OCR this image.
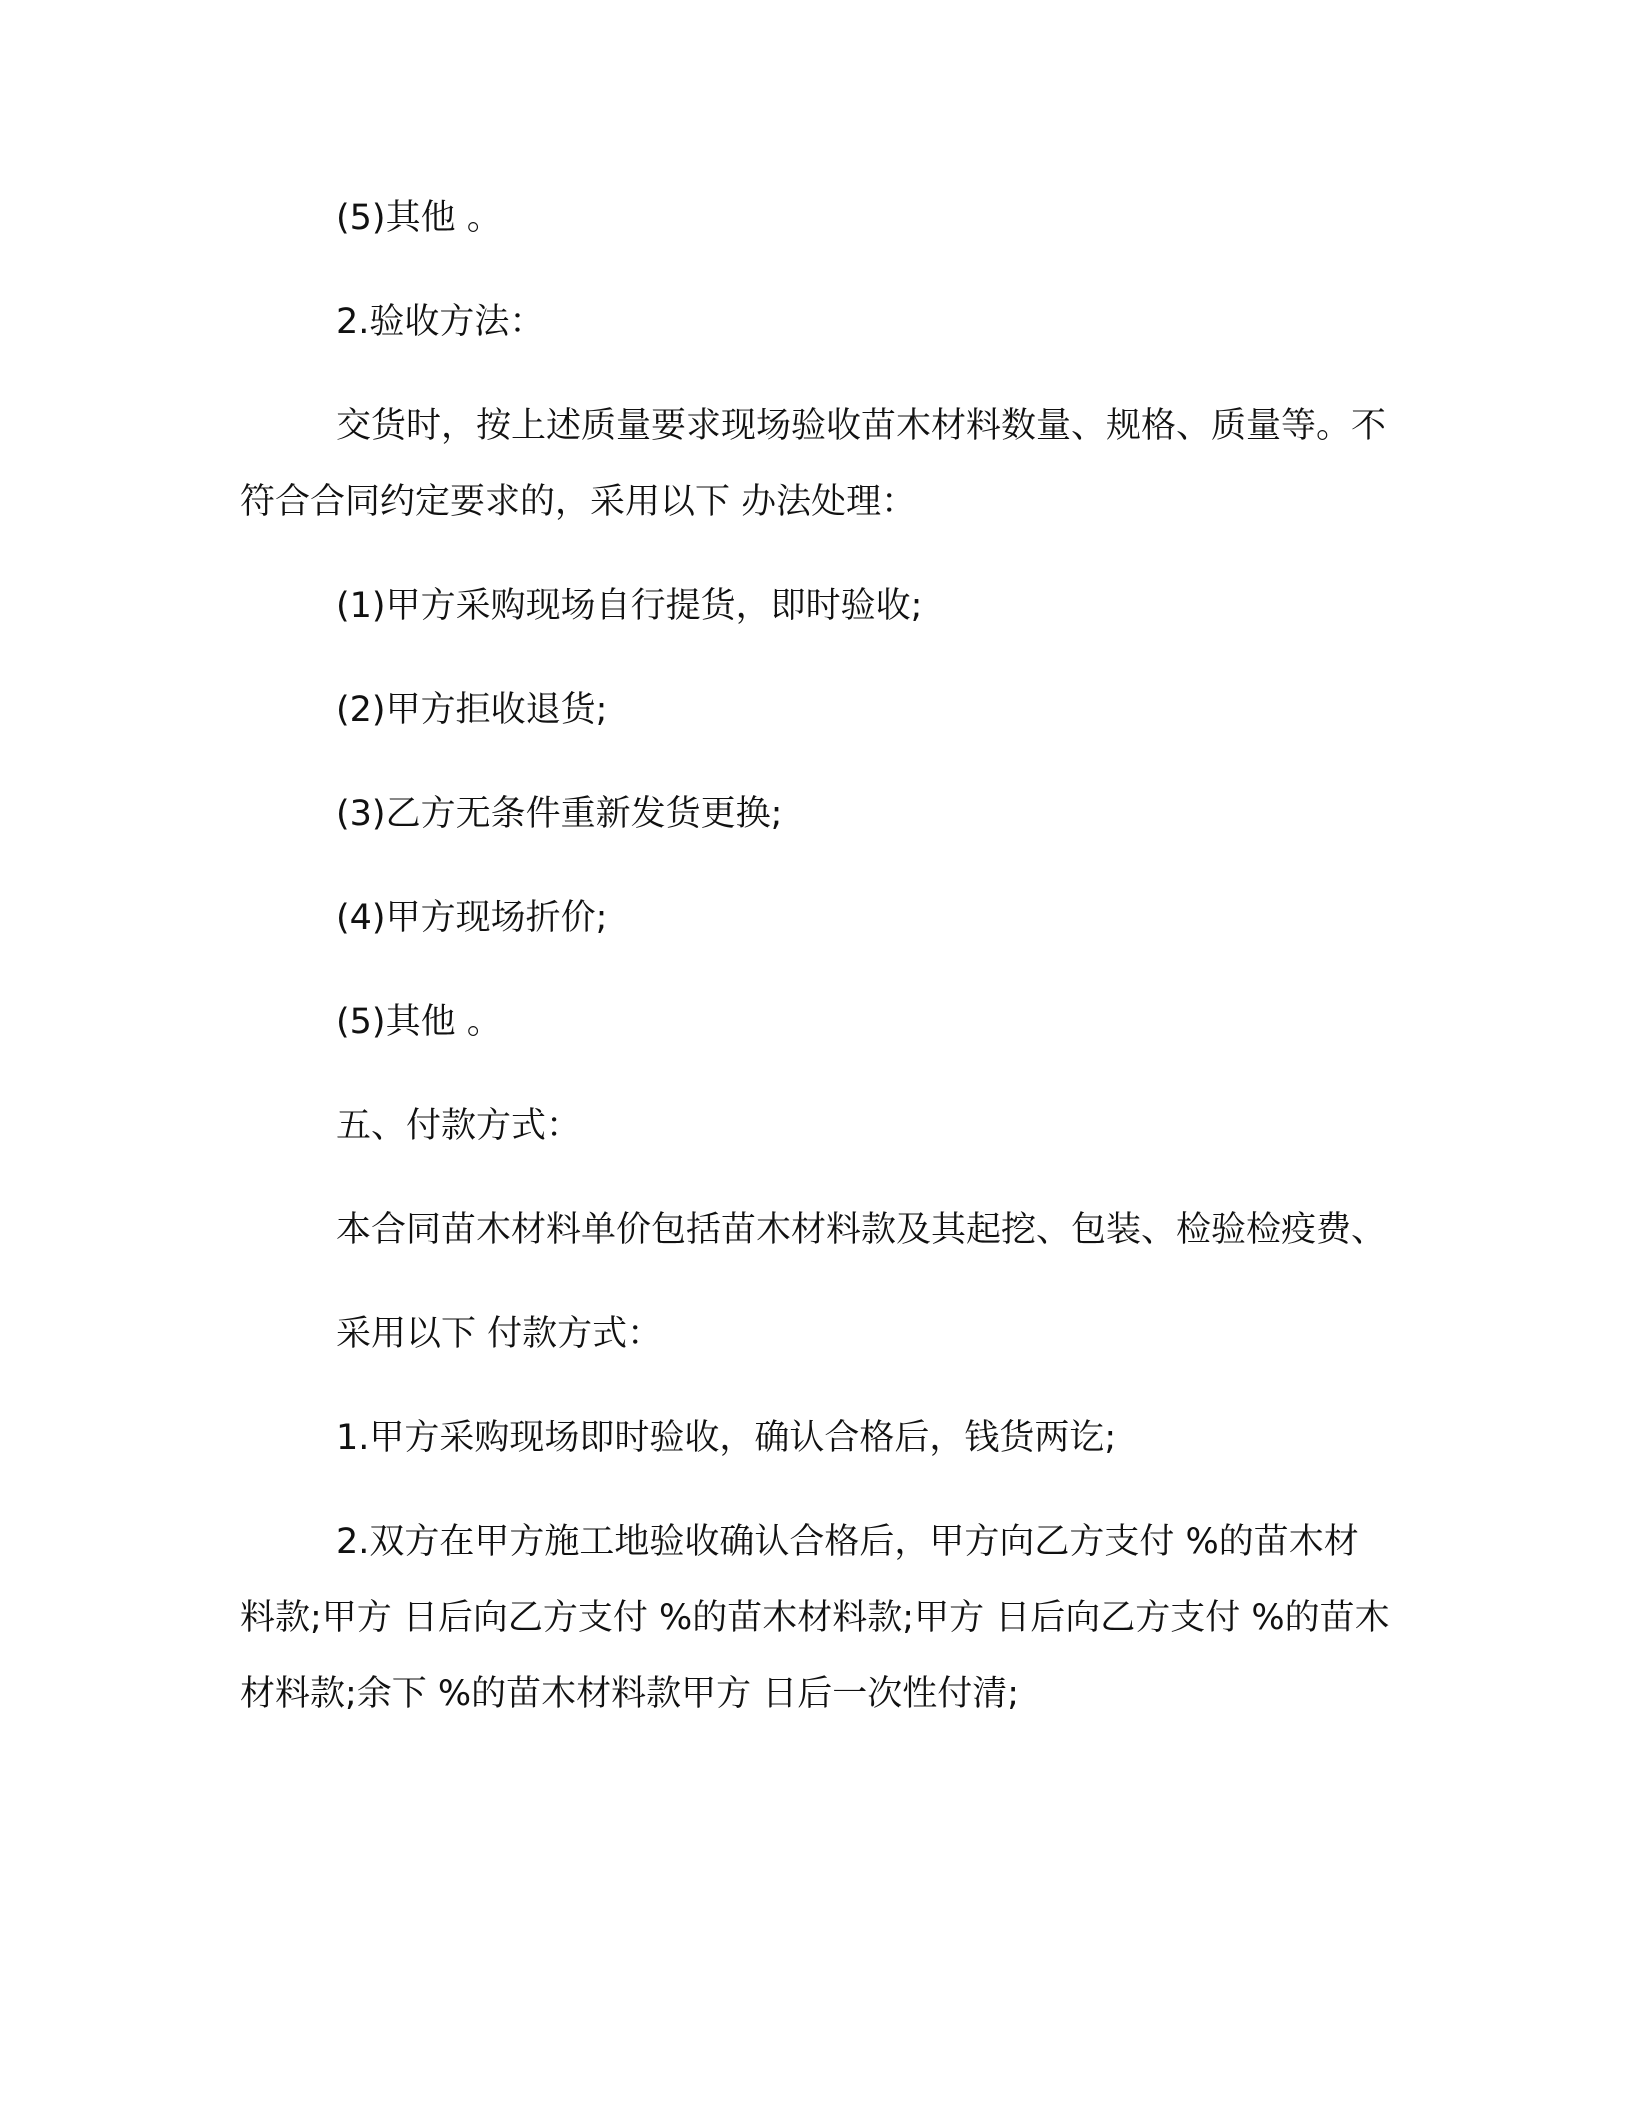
(5)其他 。

2.验收方法：

交货时，按上述质量要求现场验收苗木材料数量、规格、质量等。不符合合同约定要求的，采用以下 办法处理：

(1)甲方采购现场自行提货，即时验收;

(2)甲方拒收退货;

(3)乙方无条件重新发货更换;

(4)甲方现场折价;

(5)其他 。

五、付款方式：

本合同苗木材料单价包括苗木材料款及其起挖、包装、检验检疫费、

采用以下 付款方式：

1.甲方采购现场即时验收，确认合格后，钱货两讫;

2.双方在甲方施工地验收确认合格后，甲方向乙方支付 %的苗木材料款;甲方 日后向乙方支付 %的苗木材料款;甲方 日后向乙方支付 %的苗木材料款;余下 %的苗木材料款甲方 日后一次性付清;
